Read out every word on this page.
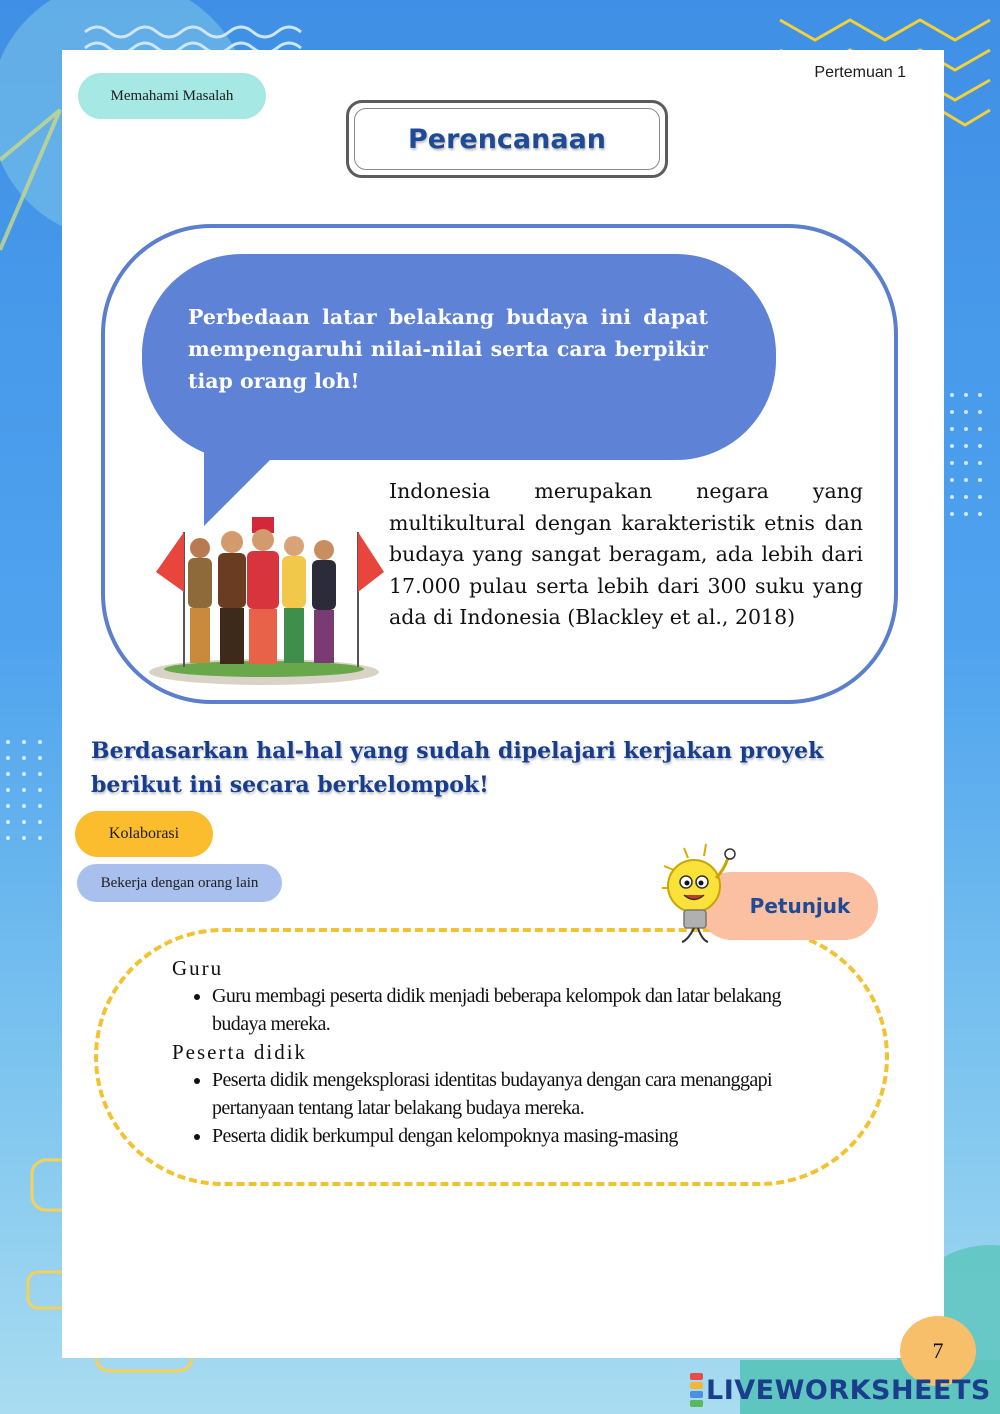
Memahami Masalah
Pertemuan 1
Perencanaan
Perbedaan latar belakang budaya ini dapat mempengaruhi nilai-nilai serta cara berpikir tiap orang loh!
Indonesia merupakan negara yang multikultural dengan karakteristik etnis dan budaya yang sangat beragam, ada lebih dari 17.000 pulau serta lebih dari 300 suku yang ada di Indonesia (Blackley et al., 2018)
Berdasarkan hal-hal yang sudah dipelajari kerjakan proyek berikut ini secara berkelompok!
Kolaborasi
Bekerja dengan orang lain
Petunjuk
Guru
• Guru membagi peserta didik menjadi beberapa kelompok dan latar belakang budaya mereka.
Peserta didik
• Peserta didik mengeksplorasi identitas budayanya dengan cara menanggapi pertanyaan tentang latar belakang budaya mereka.
• Peserta didik berkumpul dengan kelompoknya masing-masing
7
LIVEWORKSHEETS
